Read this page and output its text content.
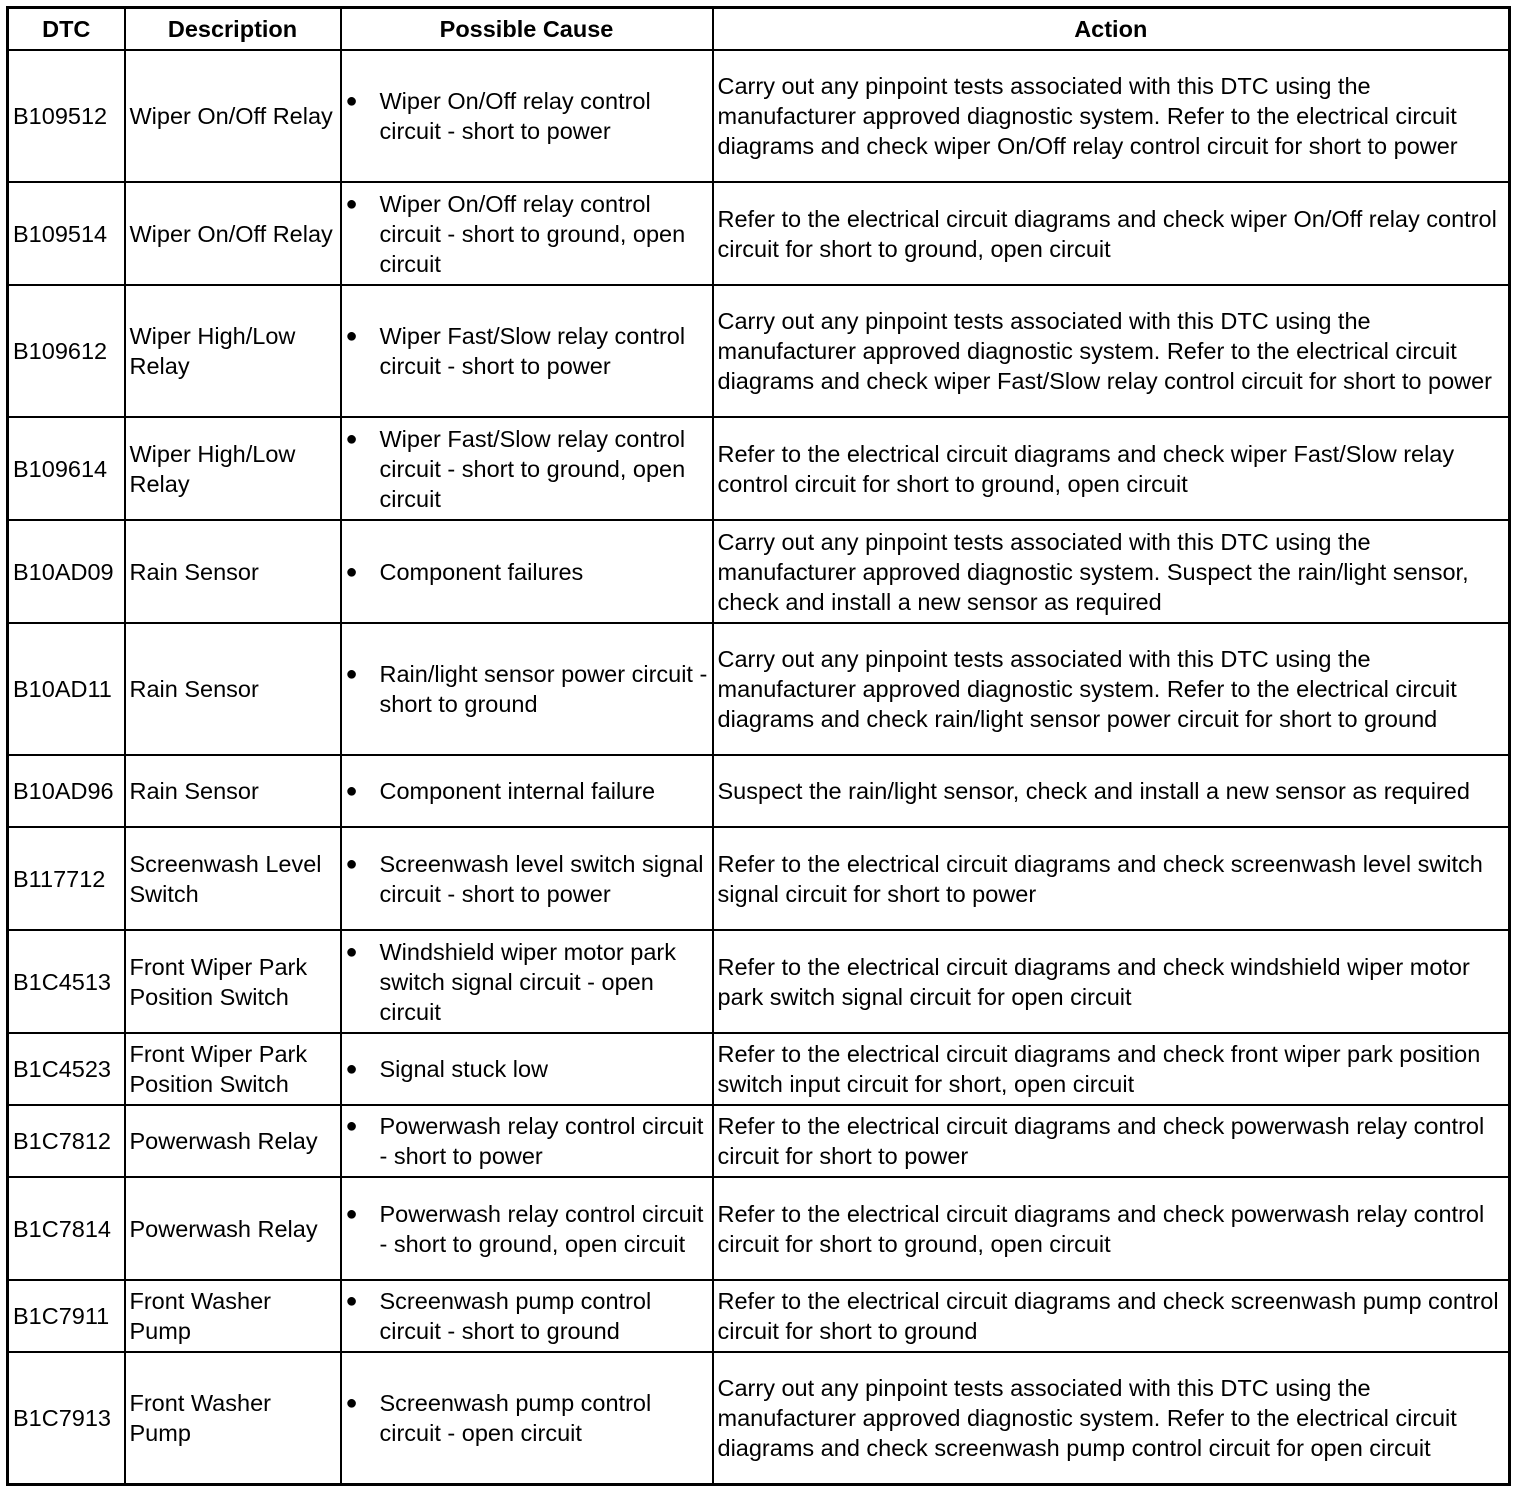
DTC	Description	Possible Cause	Action
B109512	Wiper On/Off Relay	● Wiper On/Off relay control circuit - short to power	Carry out any pinpoint tests associated with this DTC using the manufacturer approved diagnostic system. Refer to the electrical circuit diagrams and check wiper On/Off relay control circuit for short to power
B109514	Wiper On/Off Relay	● Wiper On/Off relay control circuit - short to ground, open circuit	Refer to the electrical circuit diagrams and check wiper On/Off relay control circuit for short to ground, open circuit
B109612	Wiper High/Low Relay	● Wiper Fast/Slow relay control circuit - short to power	Carry out any pinpoint tests associated with this DTC using the manufacturer approved diagnostic system. Refer to the electrical circuit diagrams and check wiper Fast/Slow relay control circuit for short to power
B109614	Wiper High/Low Relay	● Wiper Fast/Slow relay control circuit - short to ground, open circuit	Refer to the electrical circuit diagrams and check wiper Fast/Slow relay control circuit for short to ground, open circuit
B10AD09	Rain Sensor	● Component failures	Carry out any pinpoint tests associated with this DTC using the manufacturer approved diagnostic system. Suspect the rain/light sensor, check and install a new sensor as required
B10AD11	Rain Sensor	● Rain/light sensor power circuit - short to ground	Carry out any pinpoint tests associated with this DTC using the manufacturer approved diagnostic system. Refer to the electrical circuit diagrams and check rain/light sensor power circuit for short to ground
B10AD96	Rain Sensor	● Component internal failure	Suspect the rain/light sensor, check and install a new sensor as required
B117712	Screenwash Level Switch	● Screenwash level switch signal circuit - short to power	Refer to the electrical circuit diagrams and check screenwash level switch signal circuit for short to power
B1C4513	Front Wiper Park Position Switch	● Windshield wiper motor park switch signal circuit - open circuit	Refer to the electrical circuit diagrams and check windshield wiper motor park switch signal circuit for open circuit
B1C4523	Front Wiper Park Position Switch	● Signal stuck low	Refer to the electrical circuit diagrams and check front wiper park position switch input circuit for short, open circuit
B1C7812	Powerwash Relay	● Powerwash relay control circuit - short to power	Refer to the electrical circuit diagrams and check powerwash relay control circuit for short to power
B1C7814	Powerwash Relay	● Powerwash relay control circuit - short to ground, open circuit	Refer to the electrical circuit diagrams and check powerwash relay control circuit for short to ground, open circuit
B1C7911	Front Washer Pump	● Screenwash pump control circuit - short to ground	Refer to the electrical circuit diagrams and check screenwash pump control circuit for short to ground
B1C7913	Front Washer Pump	● Screenwash pump control circuit - open circuit	Carry out any pinpoint tests associated with this DTC using the manufacturer approved diagnostic system. Refer to the electrical circuit diagrams and check screenwash pump control circuit for open circuit
